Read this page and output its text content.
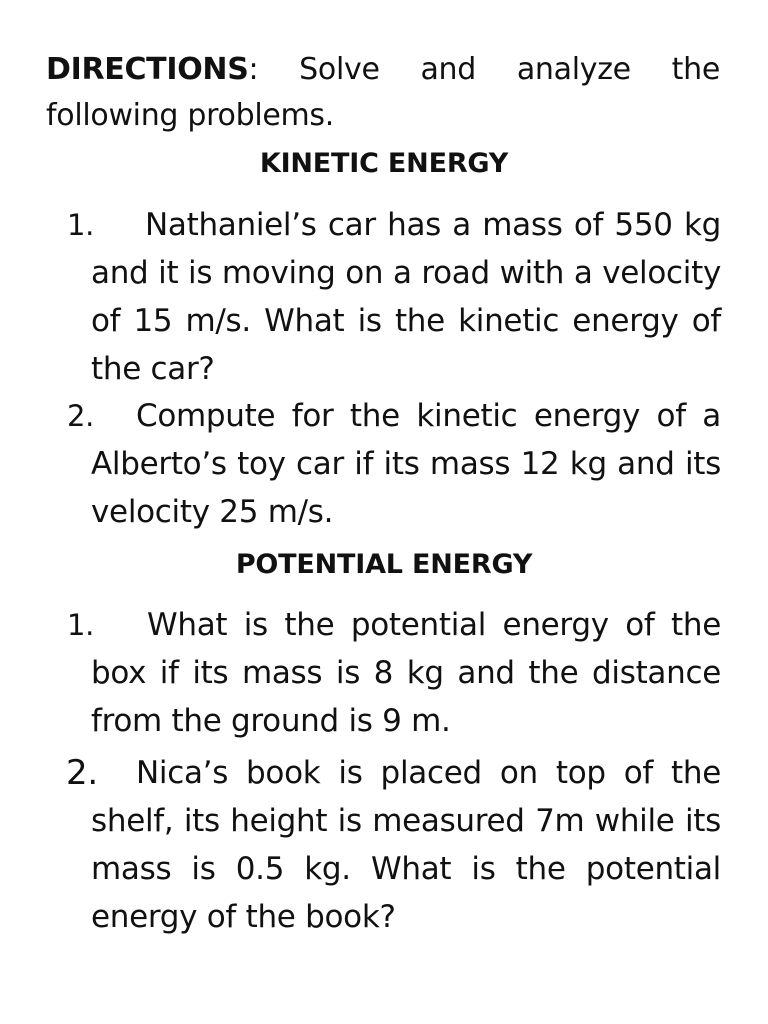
DIRECTIONS: Solve and analyze the following problems.

KINETIC ENERGY
1. Nathaniel’s car has a mass of 550 kg and it is moving on a road with a velocity of 15 m/s. What is the kinetic energy of the car?
2. Compute for the kinetic energy of a Alberto’s toy car if its mass 12 kg and its velocity 25 m/s.
POTENTIAL ENERGY
1. What is the potential energy of the box if its mass is 8 kg and the distance from the ground is 9 m.
2. Nica’s book is placed on top of the shelf, its height is measured 7m while its mass is 0.5 kg. What is the potential energy of the book?
